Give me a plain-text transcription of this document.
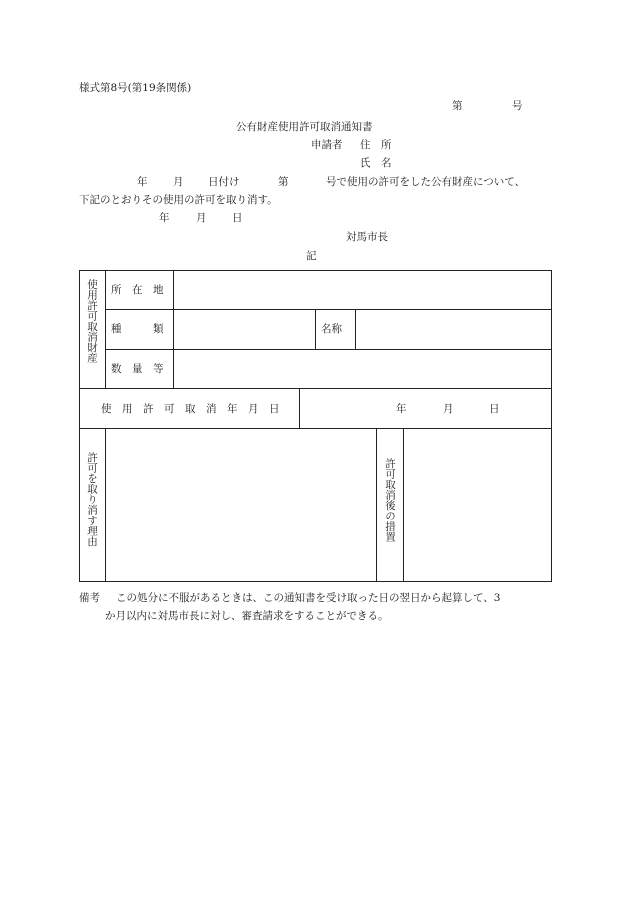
様式第8号(第19条関係)
第	号
公有財産使用許可取消通知書
申請者 住　所
氏　名
年 月 日付け	第	号で使用の許可をした公有財産について、
下記のとおりその使用の許可を取り消す。
年	月 日
対馬市長
記
使用許可取消財産 所　在　地
種　　　類	名称
数　量　等
使　用　許　可　取　消　年　月　日	年	月	日
許可を取り消す理由	許可取消後の措置
備考 この処分に不服があるときは、この通知書を受け取った日の翌日から起算して、3
か月以内に対馬市長に対し、審査請求をすることができる。
